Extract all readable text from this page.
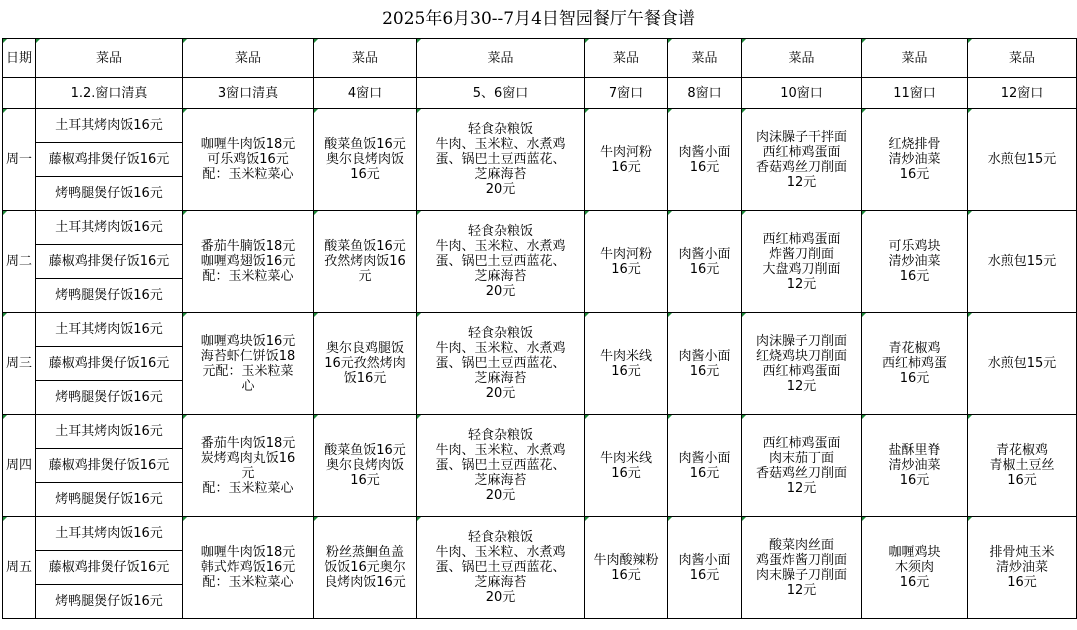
2025年6月30--7月4日智园餐厅午餐食谱
日期	菜品	菜品	菜品	菜品	菜品	菜品	菜品	菜品	菜品
	1.2.窗口清真	3窗口清真	4窗口	5、6窗口	7窗口	8窗口	10窗口	11窗口	12窗口
周一	土耳其烤肉饭16元	咖喱牛肉饭18元
可乐鸡饭16元
配：玉米粒菜心	酸菜鱼饭16元
奥尔良烤肉饭
16元	轻食杂粮饭
牛肉、玉米粒、水煮鸡
蛋、锅巴土豆西蓝花、
芝麻海苔
20元	牛肉河粉
16元	肉酱小面
16元	肉沫臊子干拌面
西红柿鸡蛋面
香菇鸡丝刀削面
12元	红烧排骨
清炒油菜
16元	水煎包15元

	藤椒鸡排煲仔饭16元								
	烤鸭腿煲仔饭16元								
周二	土耳其烤肉饭16元	番茄牛腩饭18元
咖喱鸡翅饭16元
配：玉米粒菜心	酸菜鱼饭16元
孜然烤肉饭16
元	轻食杂粮饭
牛肉、玉米粒、水煮鸡
蛋、锅巴土豆西蓝花、
芝麻海苔
20元	牛肉河粉
16元	肉酱小面
16元	西红柿鸡蛋面
炸酱刀削面
大盘鸡刀削面
12元	可乐鸡块
清炒油菜
16元	水煎包15元

	藤椒鸡排煲仔饭16元								
	烤鸭腿煲仔饭16元								
周三	土耳其烤肉饭16元	咖喱鸡块饭16元
海苔虾仁饼饭18
元配：玉米粒菜
心	奥尔良鸡腿饭
16元孜然烤肉
饭16元	轻食杂粮饭
牛肉、玉米粒、水煮鸡
蛋、锅巴土豆西蓝花、
芝麻海苔
20元	牛肉米线
16元	肉酱小面
16元	肉沫臊子刀削面
红烧鸡块刀削面
西红柿鸡蛋面
12元	青花椒鸡
西红柿鸡蛋
16元	水煎包15元

	藤椒鸡排煲仔饭16元								
	烤鸭腿煲仔饭16元								
周四	土耳其烤肉饭16元	番茄牛肉饭18元
炭烤鸡肉丸饭16
元
配：玉米粒菜心	酸菜鱼饭16元
奥尔良烤肉饭
16元	轻食杂粮饭
牛肉、玉米粒、水煮鸡
蛋、锅巴土豆西蓝花、
芝麻海苔
20元	牛肉米线
16元	肉酱小面
16元	西红柿鸡蛋面
肉末茄丁面
香菇鸡丝刀削面
12元	盐酥里脊
清炒油菜
16元	青花椒鸡
青椒土豆丝
16元

	藤椒鸡排煲仔饭16元								
	烤鸭腿煲仔饭16元								
周五	土耳其烤肉饭16元	咖喱牛肉饭18元
韩式炸鸡饭16元
配：玉米粒菜心	粉丝蒸鮰鱼盖
饭饭16元奥尔
良烤肉饭16元	轻食杂粮饭
牛肉、玉米粒、水煮鸡
蛋、锅巴土豆西蓝花、
芝麻海苔
20元	牛肉酸辣粉
16元	肉酱小面
16元	酸菜肉丝面
鸡蛋炸酱刀削面
肉末臊子刀削面
12元	咖喱鸡块
木须肉
16元	排骨炖玉米
清炒油菜
16元

	藤椒鸡排煲仔饭16元								
	烤鸭腿煲仔饭16元								
